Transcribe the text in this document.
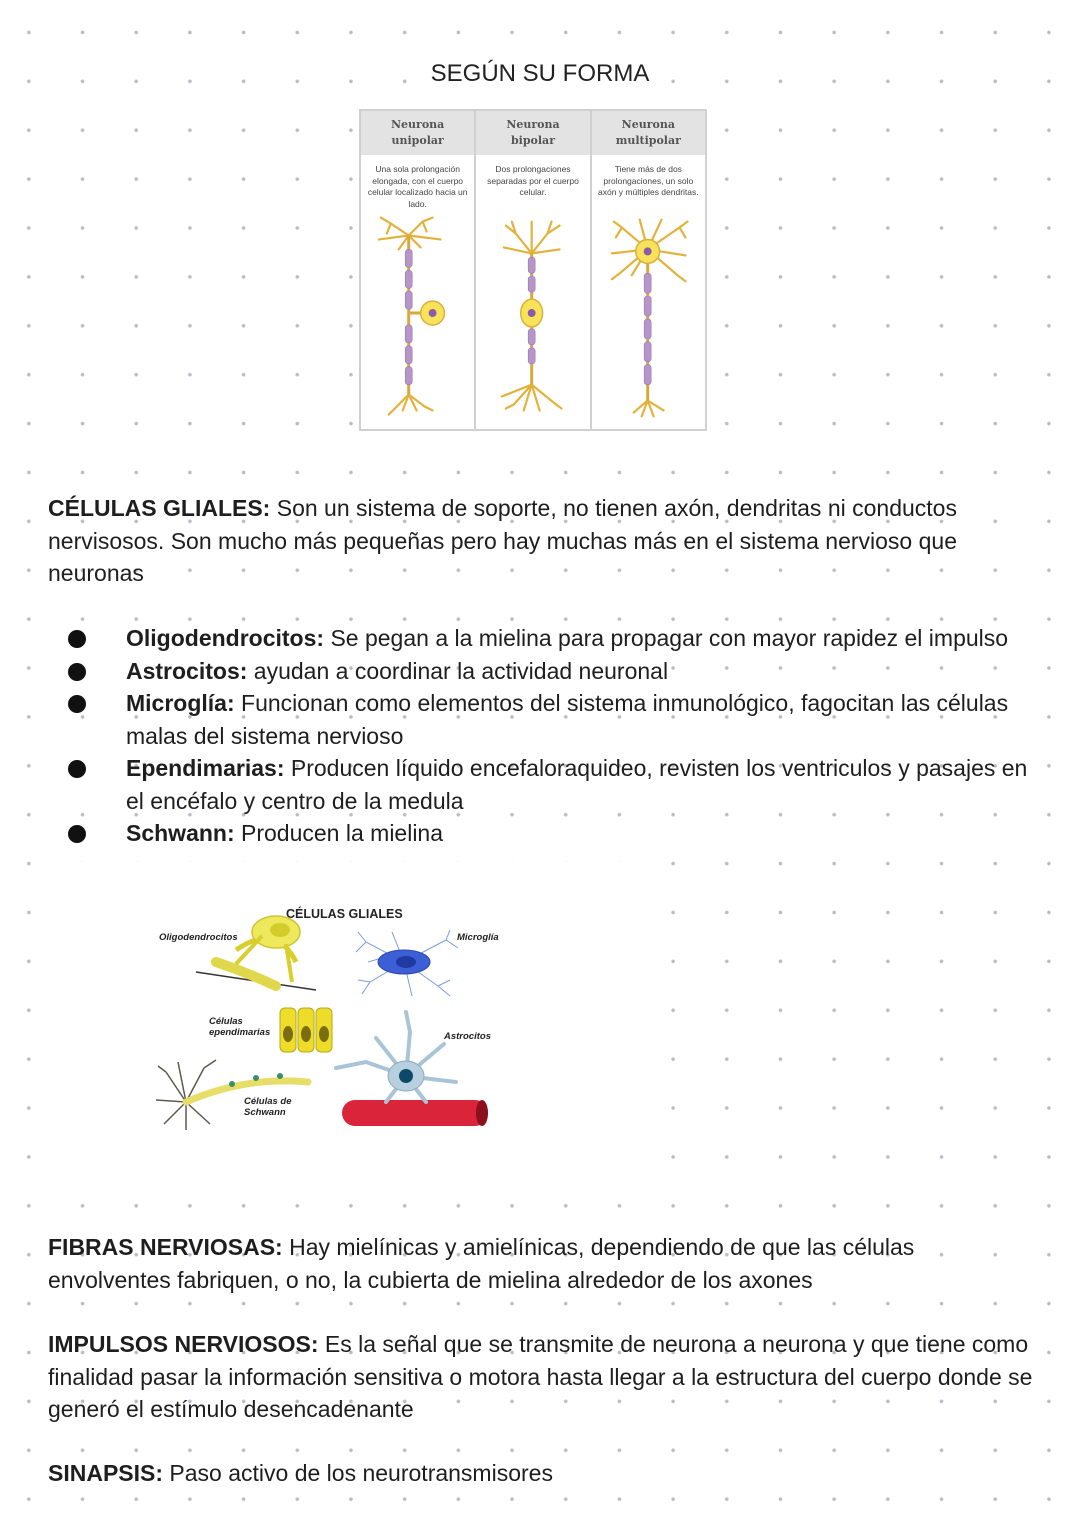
SEGÚN SU FORMA
Neurona
unipolar
Una sola prolongación elongada, con el cuerpo celular localizado hacia un lado.
Neurona
bipolar
Dos prolongaciones separadas por el cuerpo celular.
Neurona
multipolar
Tiene más de dos prolongaciones, un solo axón y múltiples dendritas.
CÉLULAS GLIALES: Son un sistema de soporte, no tienen axón, dendritas ni conductos nervisosos. Son mucho más pequeñas pero hay muchas más en el sistema nervioso que neuronas
Oligodendrocitos: Se pegan a la mielina para propagar con mayor rapidez el impulso
Astrocitos: ayudan a coordinar la actividad neuronal
Microglía: Funcionan como elementos del sistema inmunológico, fagocitan las células malas del sistema nervioso
Ependimarias: Producen líquido encefaloraquideo, revisten los ventriculos y pasajes en el encéfalo y centro de la medula
Schwann: Producen la mielina
CÉLULAS GLIALES
Oligodendrocitos	Microglía
Células
ependimarias	Astrocitos
Células de
Schwann
FIBRAS NERVIOSAS: Hay mielínicas y amielínicas, dependiendo de que las células envolventes fabriquen, o no, la cubierta de mielina alrededor de los axones
IMPULSOS NERVIOSOS: Es la señal que se transmite de neurona a neurona y que tiene como finalidad pasar la información sensitiva o motora hasta llegar a la estructura del cuerpo donde se generó el estímulo desencadenante
SINAPSIS: Paso activo de los neurotransmisores
